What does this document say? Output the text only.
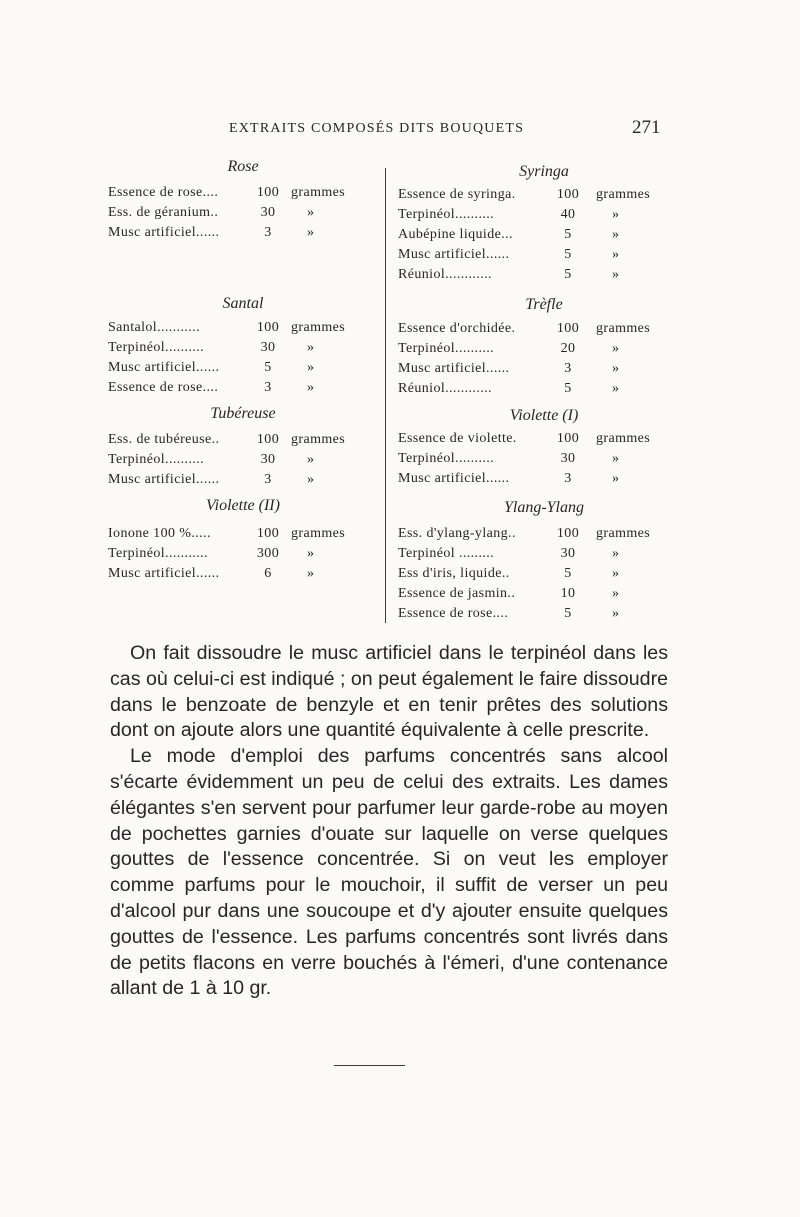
EXTRAITS COMPOSÉS DITS BOUQUETS	271
Rose
Essence de rose....	100 grammes
Ess. de géranium..	30	»
Musc artificiel......	3	»
Santal
Santalol...........	100 grammes
Terpinéol..........	30	»
Musc artificiel......	5	»
Essence de rose....	3	»
Tubéreuse
Ess. de tubéreuse..	100 grammes
Terpinéol..........	30	»
Musc artificiel......	3	»
Violette (II)
Ionone 100 %.....	100 grammes
Terpinéol...........	300 »
Musc artificiel......	6	»
Syringa
Essence de syringa.	100 grammes
Terpinéol..........	40	»
Aubépine liquide...	5	»
Musc artificiel......	5	»
Réuniol............	5	»
Trèfle
Essence d'orchidée.	100 grammes
Terpinéol..........	20	»
Musc artificiel......	3	»
Réuniol............	5	»
Violette (I)
Essence de violette.	100 grammes
Terpinéol..........	30	»
Musc artificiel......	3	»
Ylang-Ylang
Ess. d'ylang-ylang..	100 grammes
Terpinéol .........	30	»
Ess d'iris, liquide..	5	»
Essence de jasmin..	10	»
Essence de rose....	5	»

On fait dissoudre le musc artificiel dans le terpinéol dans les cas où celui-ci est indiqué ; on peut également le faire dissoudre dans le benzoate de benzyle et en tenir prêtes des solutions dont on ajoute alors une quantité équivalente à celle prescrite.

Le mode d'emploi des parfums concentrés sans alcool s'écarte évidemment un peu de celui des extraits. Les dames élégantes s'en servent pour parfumer leur garde-robe au moyen de pochettes garnies d'ouate sur laquelle on verse quelques gouttes de l'essence concentrée. Si on veut les employer comme parfums pour le mouchoir, il suffit de verser un peu d'alcool pur dans une soucoupe et d'y ajouter ensuite quelques gouttes de l'essence. Les parfums concentrés sont livrés dans de petits flacons en verre bouchés à l'émeri, d'une contenance allant de 1 à 10 gr.
